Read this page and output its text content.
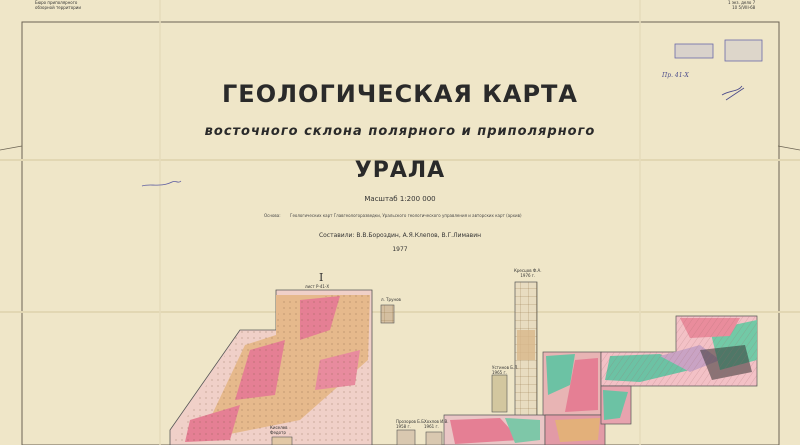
ГЕОЛОГИЧЕСКАЯ КАРТА
восточного склона полярного и приполярного
УРАЛА
Масштаб 1:200 000
Основа: Геологических карт Главгеологоразведки, Уральского геологического управления и авторских карт (архив)
Составили: В.В.Бороздин, А.Я.Клепов, В.Г.Лимавин
1977
лист Р-41-Х
Кресцов Ф.А.
1976 г.
Устинов Б.Л.
1965 г.
Прозоров Б.Б.
1958 г.
Хохлов И.В.
1961 г.
Киселев
Федото
л. Трунов
Бюро приполярного
обзорной территории
1 экз. дело 7
10 5/VIII-68
Пр. 41-Х
I
